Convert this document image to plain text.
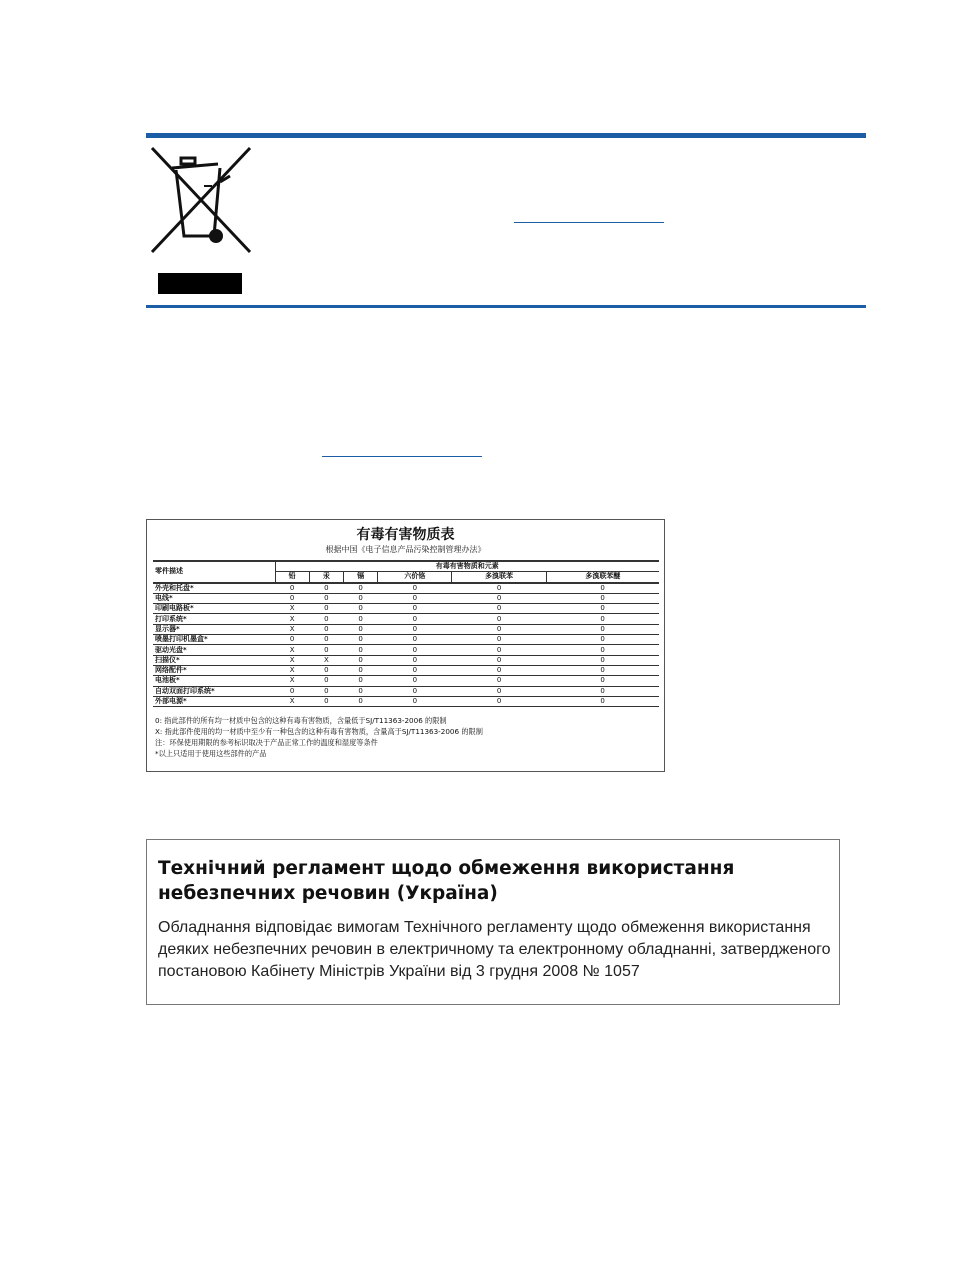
有毒有害物质表
根据中国《电子信息产品污染控制管理办法》
零件描述	有毒有害物质和元素					
	铅	汞	镉	六价铬	多溴联苯	多溴联苯醚
外壳和托盘*	0	0	0	0	0	0
电线*	0	0	0	0	0	0
印刷电路板*	X	0	0	0	0	0
打印系统*	X	0	0	0	0	0
显示器*	X	0	0	0	0	0
喷墨打印机墨盒*	0	0	0	0	0	0
驱动光盘*	X	0	0	0	0	0
扫描仪*	X	X	0	0	0	0
网络配件*	X	0	0	0	0	0
电池板*	X	0	0	0	0	0
自动双面打印系统*	0	0	0	0	0	0
外部电源*	X	0	0	0	0	0
0: 指此部件的所有均一材质中包含的这种有毒有害物质，含量低于SJ/T11363-2006 的限制
X: 指此部件使用的均一材质中至少有一种包含的这种有毒有害物质，含量高于SJ/T11363-2006 的限制
注：环保使用期限的参考标识取决于产品正常工作的温度和湿度等条件
*以上只适用于使用这些部件的产品
Технічний регламент щодо обмеження використання небезпечних речовин (Україна)
Обладнання відповідає вимогам Технічного регламенту щодо обмеження використання деяких небезпечних речовин в електричному та електронному обладнанні, затвердженого постановою Кабінету Міністрів України від 3 грудня 2008 № 1057
